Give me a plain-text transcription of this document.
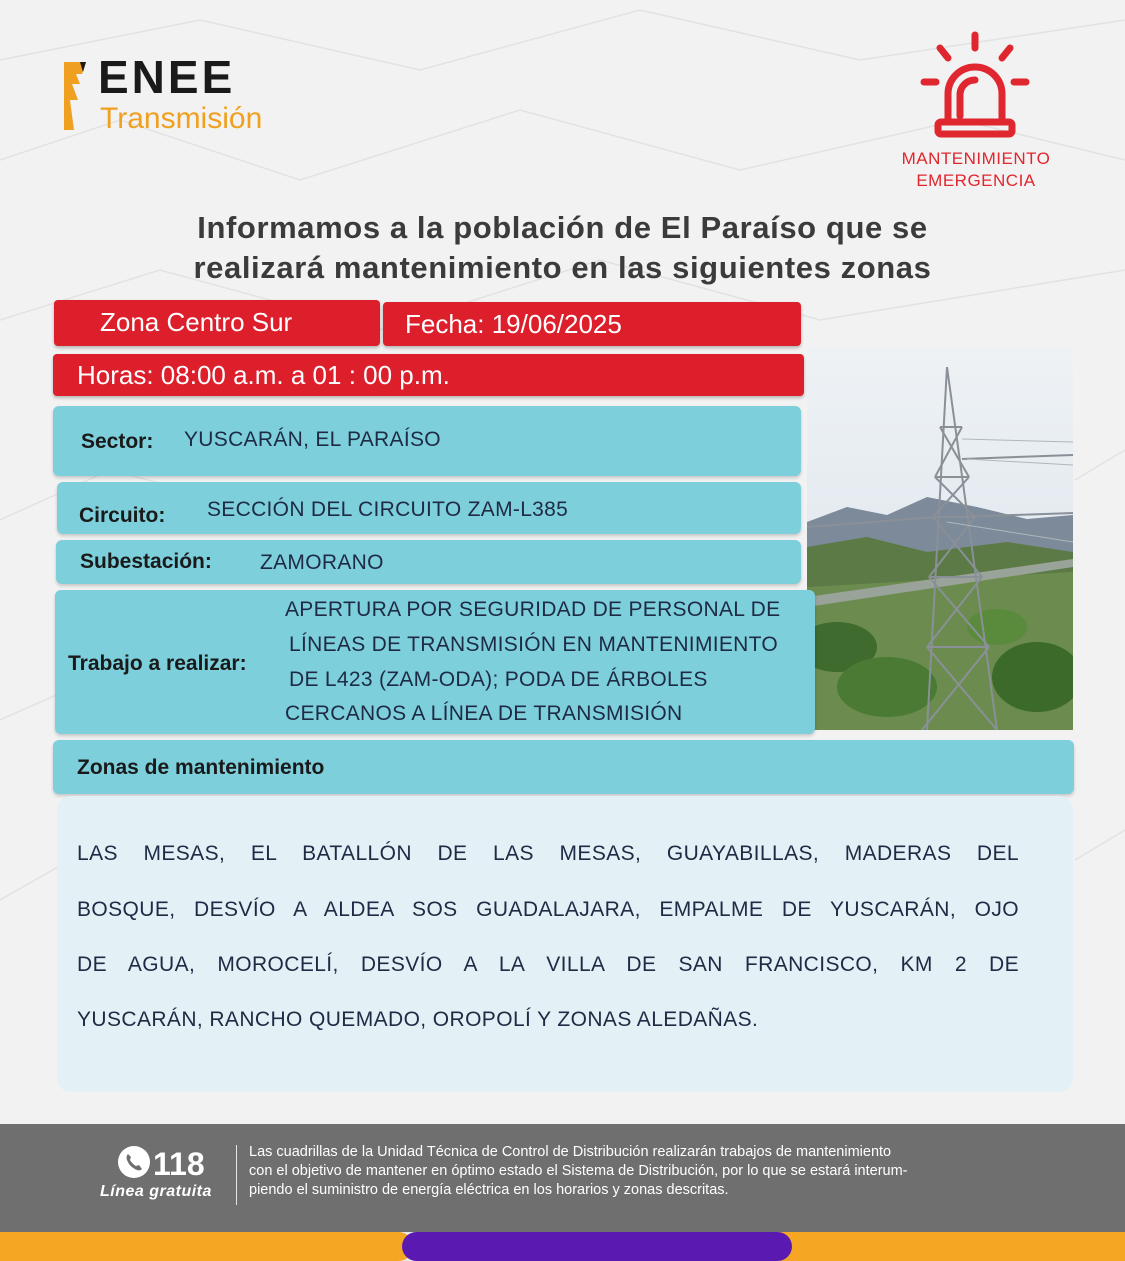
ENEE
Transmisión
MANTENIMIENTO
EMERGENCIA
Informamos a la población de El Paraíso que se
realizará mantenimiento en las siguientes zonas
Zona Centro Sur	Fecha: 19/06/2025
Horas: 08:00 a.m. a 01 : 00 p.m.
Sector: YUSCARÁN, EL PARAÍSO
Circuito: SECCIÓN DEL CIRCUITO ZAM-L385
Subestación: ZAMORANO
Trabajo a realizar:
APERTURA POR SEGURIDAD DE PERSONAL DE
LÍNEAS DE TRANSMISIÓN EN MANTENIMIENTO
DE L423 (ZAM-ODA); PODA DE ÁRBOLES
CERCANOS A LÍNEA DE TRANSMISIÓN
Zonas de mantenimiento
LAS MESAS, EL BATALLÓN DE LAS MESAS, GUAYABILLAS, MADERAS DEL
BOSQUE, DESVÍO A ALDEA SOS GUADALAJARA, EMPALME DE YUSCARÁN, OJO
DE AGUA, MOROCELÍ, DESVÍO A LA VILLA DE SAN FRANCISCO, KM 2 DE
YUSCARÁN, RANCHO QUEMADO, OROPOLÍ Y ZONAS ALEDAÑAS.
118
Línea gratuita
Las cuadrillas de la Unidad Técnica de Control de Distribución realizarán trabajos de mantenimiento
con el objetivo de mantener en óptimo estado el Sistema de Distribución, por lo que se estará interum-
piendo el suministro de energía eléctrica en los horarios y zonas descritas.
